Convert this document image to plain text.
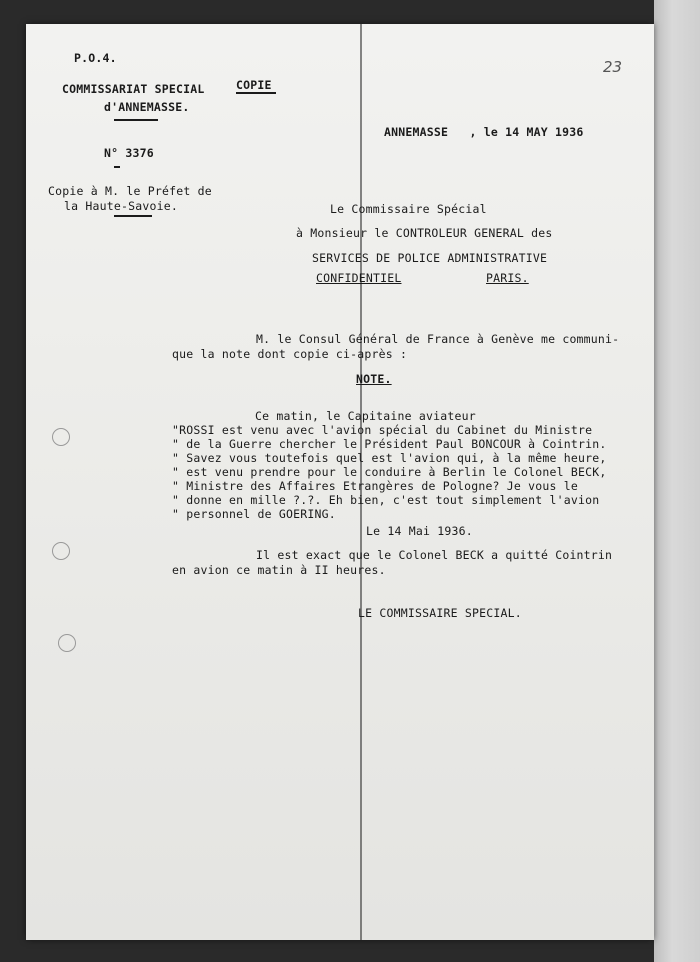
23
P.O.4.
COMMISSARIAT SPECIAL	COPIE
d'ANNEMASSE.
N° 3376
Copie à M. le Préfet de
la Haute-Savoie.
ANNEMASSE   , le 14 MAY 1936
Le Commissaire Spécial
à Monsieur le CONTROLEUR GENERAL des
SERVICES DE POLICE ADMINISTRATIVE
CONFIDENTIEL	PARIS.
M. le Consul Général de France à Genève me communi-
que la note dont copie ci-après :
NOTE.
Ce matin, le Capitaine aviateur
"ROSSI est venu avec l'avion spécial du Cabinet du Ministre
" de la Guerre chercher le Président Paul BONCOUR à Cointrin.
" Savez vous toutefois quel est l'avion qui, à la même heure,
" est venu prendre pour le conduire à Berlin le Colonel BECK,
" Ministre des Affaires Etrangères de Pologne? Je vous le
" donne en mille ?.?. Eh bien, c'est tout simplement l'avion
" personnel de GOERING.
Le 14 Mai 1936.
Il est exact que le Colonel BECK a quitté Cointrin
en avion ce matin à II heures.
LE COMMISSAIRE SPECIAL.
